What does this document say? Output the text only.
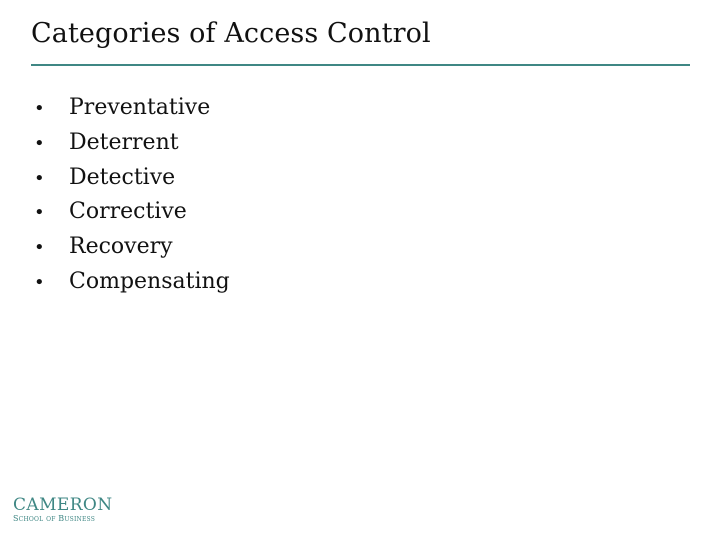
Categories of Access Control
•	Preventative
•	Deterrent
•	Detective
•	Corrective
•	Recovery
•	Compensating
CAMERON
School of Business
